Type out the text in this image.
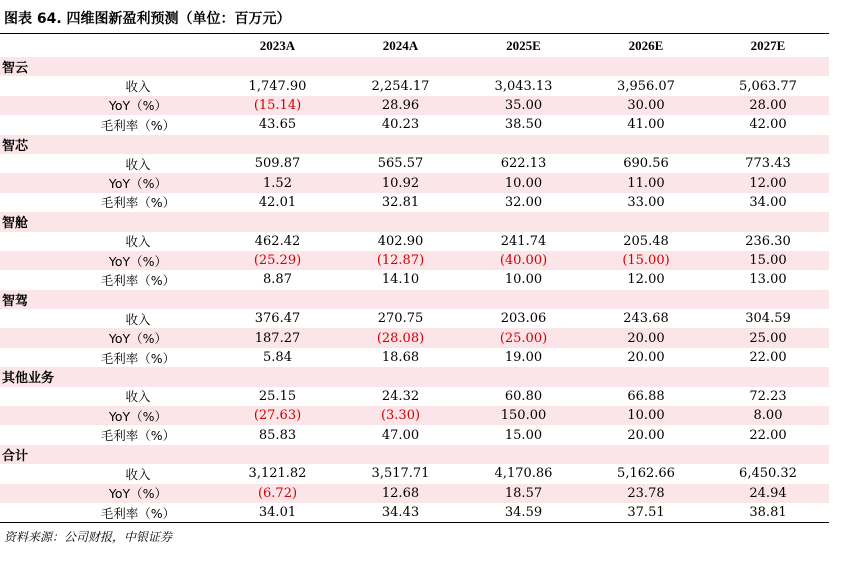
图表 64. 四维图新盈利预测（单位：百万元）
	2023A	2024A	2025E	2026E	2027E
智云					
收入	1,747.90	2,254.17	3,043.13	3,956.07	5,063.77
YoY（%）	(15.14)	28.96	35.00	30.00	28.00
毛利率（%）	43.65	40.23	38.50	41.00	42.00
智芯					
收入	509.87	565.57	622.13	690.56	773.43
YoY（%）	1.52	10.92	10.00	11.00	12.00
毛利率（%）	42.01	32.81	32.00	33.00	34.00
智舱					
收入	462.42	402.90	241.74	205.48	236.30
YoY（%）	(25.29)	(12.87)	(40.00)	(15.00)	15.00
毛利率（%）	8.87	14.10	10.00	12.00	13.00
智驾					
收入	376.47	270.75	203.06	243.68	304.59
YoY（%）	187.27	(28.08)	(25.00)	20.00	25.00
毛利率（%）	5.84	18.68	19.00	20.00	22.00
其他业务					
收入	25.15	24.32	60.80	66.88	72.23
YoY（%）	(27.63)	(3.30)	150.00	10.00	8.00
毛利率（%）	85.83	47.00	15.00	20.00	22.00
合计					
收入	3,121.82	3,517.71	4,170.86	5,162.66	6,450.32
YoY（%）	(6.72)	12.68	18.57	23.78	24.94
毛利率（%）	34.01	34.43	34.59	37.51	38.81
资料来源：公司财报，中银证券
